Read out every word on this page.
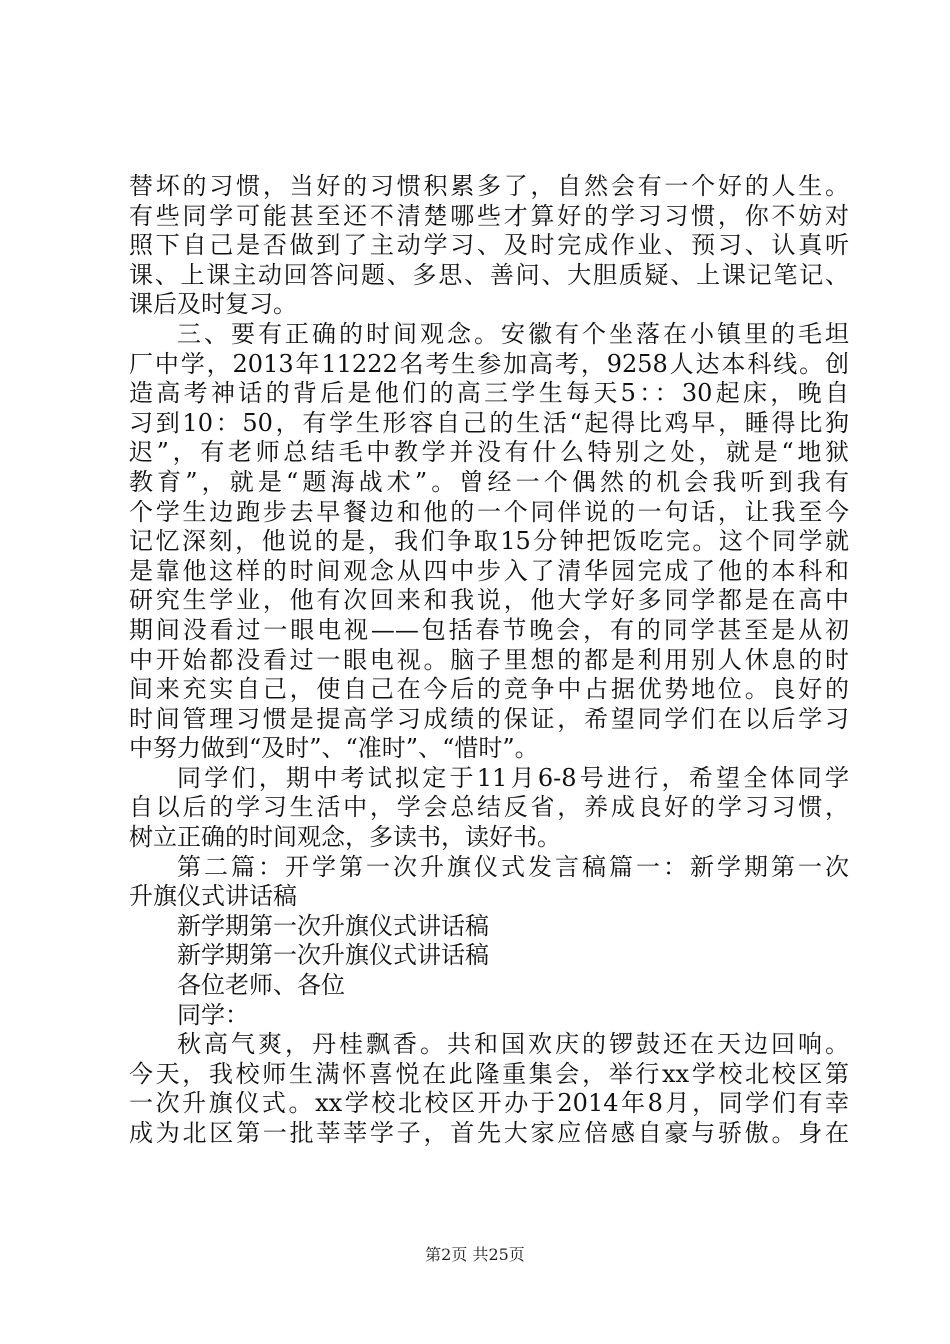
替坏的习惯，当好的习惯积累多了，自然会有一个好的人生。
有些同学可能甚至还不清楚哪些才算好的学习习惯，你不妨对
照下自己是否做到了主动学习、及时完成作业、预习、认真听
课、上课主动回答问题、多思、善问、大胆质疑、上课记笔记、
课后及时复习。
三、要有正确的时间观念。安徽有个坐落在小镇里的毛坦
厂中学，2013年11222名考生参加高考，9258人达本科线。创
造高考神话的背后是他们的高三学生每天5：：30起床，晚自
习到10：50，有学生形容自己的生活“起得比鸡早，睡得比狗
迟”，有老师总结毛中教学并没有什么特别之处，就是“地狱
教育”，就是“题海战术”。曾经一个偶然的机会我听到我有
个学生边跑步去早餐边和他的一个同伴说的一句话，让我至今
记忆深刻，他说的是，我们争取15分钟把饭吃完。这个同学就
是靠他这样的时间观念从四中步入了清华园完成了他的本科和
研究生学业，他有次回来和我说，他大学好多同学都是在高中
期间没看过一眼电视——包括春节晚会，有的同学甚至是从初
中开始都没看过一眼电视。脑子里想的都是利用别人休息的时
间来充实自己，使自己在今后的竞争中占据优势地位。良好的
时间管理习惯是提高学习成绩的保证，希望同学们在以后学习
中努力做到“及时”、“准时”、“惜时”。
同学们，期中考试拟定于11月6-8号进行，希望全体同学
自以后的学习生活中，学会总结反省，养成良好的学习习惯，
树立正确的时间观念，多读书，读好书。
第二篇：开学第一次升旗仪式发言稿篇一：新学期第一次
升旗仪式讲话稿
新学期第一次升旗仪式讲话稿
新学期第一次升旗仪式讲话稿
各位老师、各位
同学：
秋高气爽，丹桂飘香。共和国欢庆的锣鼓还在天边回响。
今天，我校师生满怀喜悦在此隆重集会，举行xx学校北校区第
一次升旗仪式。xx学校北校区开办于2014年8月，同学们有幸
成为北区第一批莘莘学子，首先大家应倍感自豪与骄傲。身在
第2页 共25页
